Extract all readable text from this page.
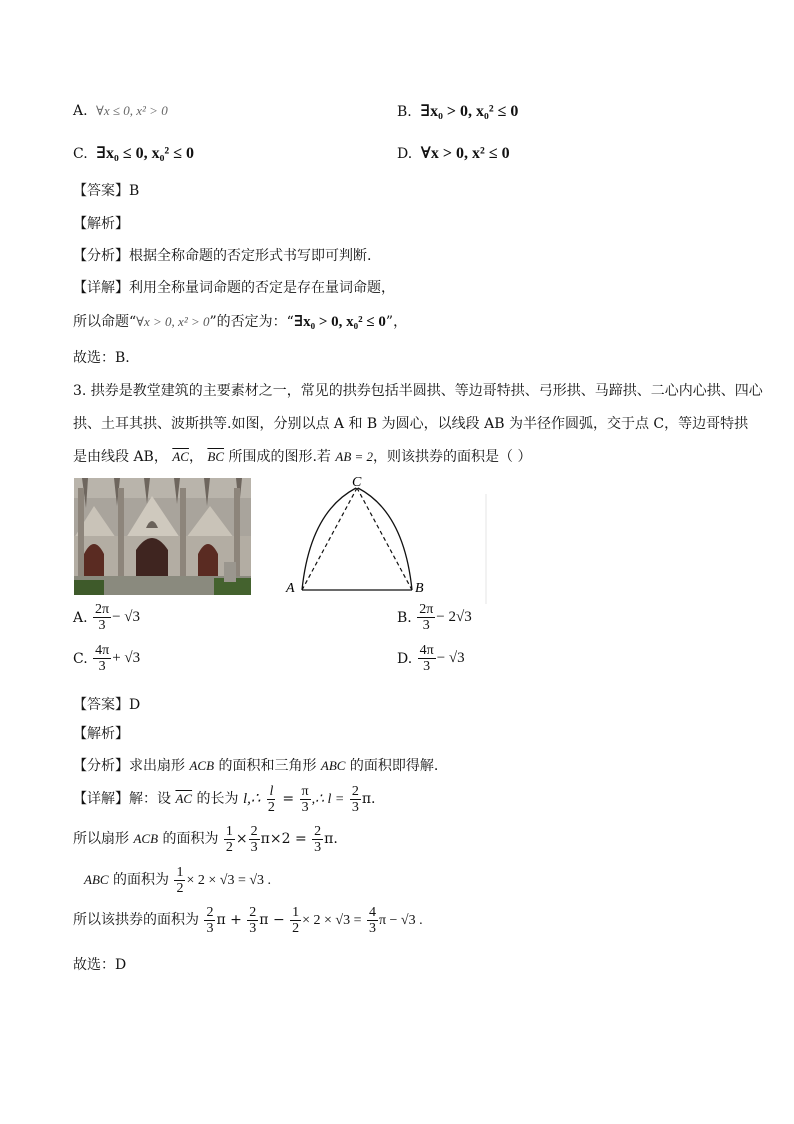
A. ∀x ≤ 0, x² > 0	B. ∃x₀ > 0, x₀² ≤ 0
C. ∃x₀ ≤ 0, x₀² ≤ 0	D. ∀x > 0, x² ≤ 0
【答案】B
【解析】
【分析】根据全称命题的否定形式书写即可判断.
【详解】利用全称量词命题的否定是存在量词命题，
所以命题“∀x > 0, x² > 0”的否定为：“∃x₀ > 0, x₀² ≤ 0”，
故选：B.
3. 拱券是教堂建筑的主要素材之一，常见的拱券包括半圆拱、等边哥特拱、弓形拱、马蹄拱、二心内心拱、四心
拱、土耳其拱、波斯拱等.如图，分别以点 A 和 B 为圆心，以线段 AB 为半径作圆弧，交于点 C，等边哥特拱
是由线段 AB， $\overline{AC}$， $\overline{BC}$ 所围成的图形.若 AB = 2，则该拱券的面积是（ ）
C
A	B
A. $\frac{2\pi}{3} - √3$	B. $\frac{2\pi}{3} - 2√3$
C. $\frac{4\pi}{3} + √3$	D. $\frac{4\pi}{3} - √3$
【答案】D
【解析】
【分析】求出扇形 ACB 的面积和三角形 ABC 的面积即得解.
【详解】解：设 $\overline{AC}$ 的长为 l,∴ $\frac{l}{2} = \frac{\pi}{3}$ ,∴ $l = \frac{2}{3} \pi$.
所以扇形 ACB 的面积为 $\frac{1}{2} \times \frac{2}{3} \pi\times 2 = \frac{2}{3} \pi$.
ABC 的面积为 $\frac{1}{2} \times 2 \times √3 = √3$ .
所以该拱券的面积为 $\frac{2}{3}$ $\pi + \frac{2}{3}$ $\pi - \frac{1}{2} \times 2 \times √3 = \frac{4}{3}$ π − √3 .
故选：D
